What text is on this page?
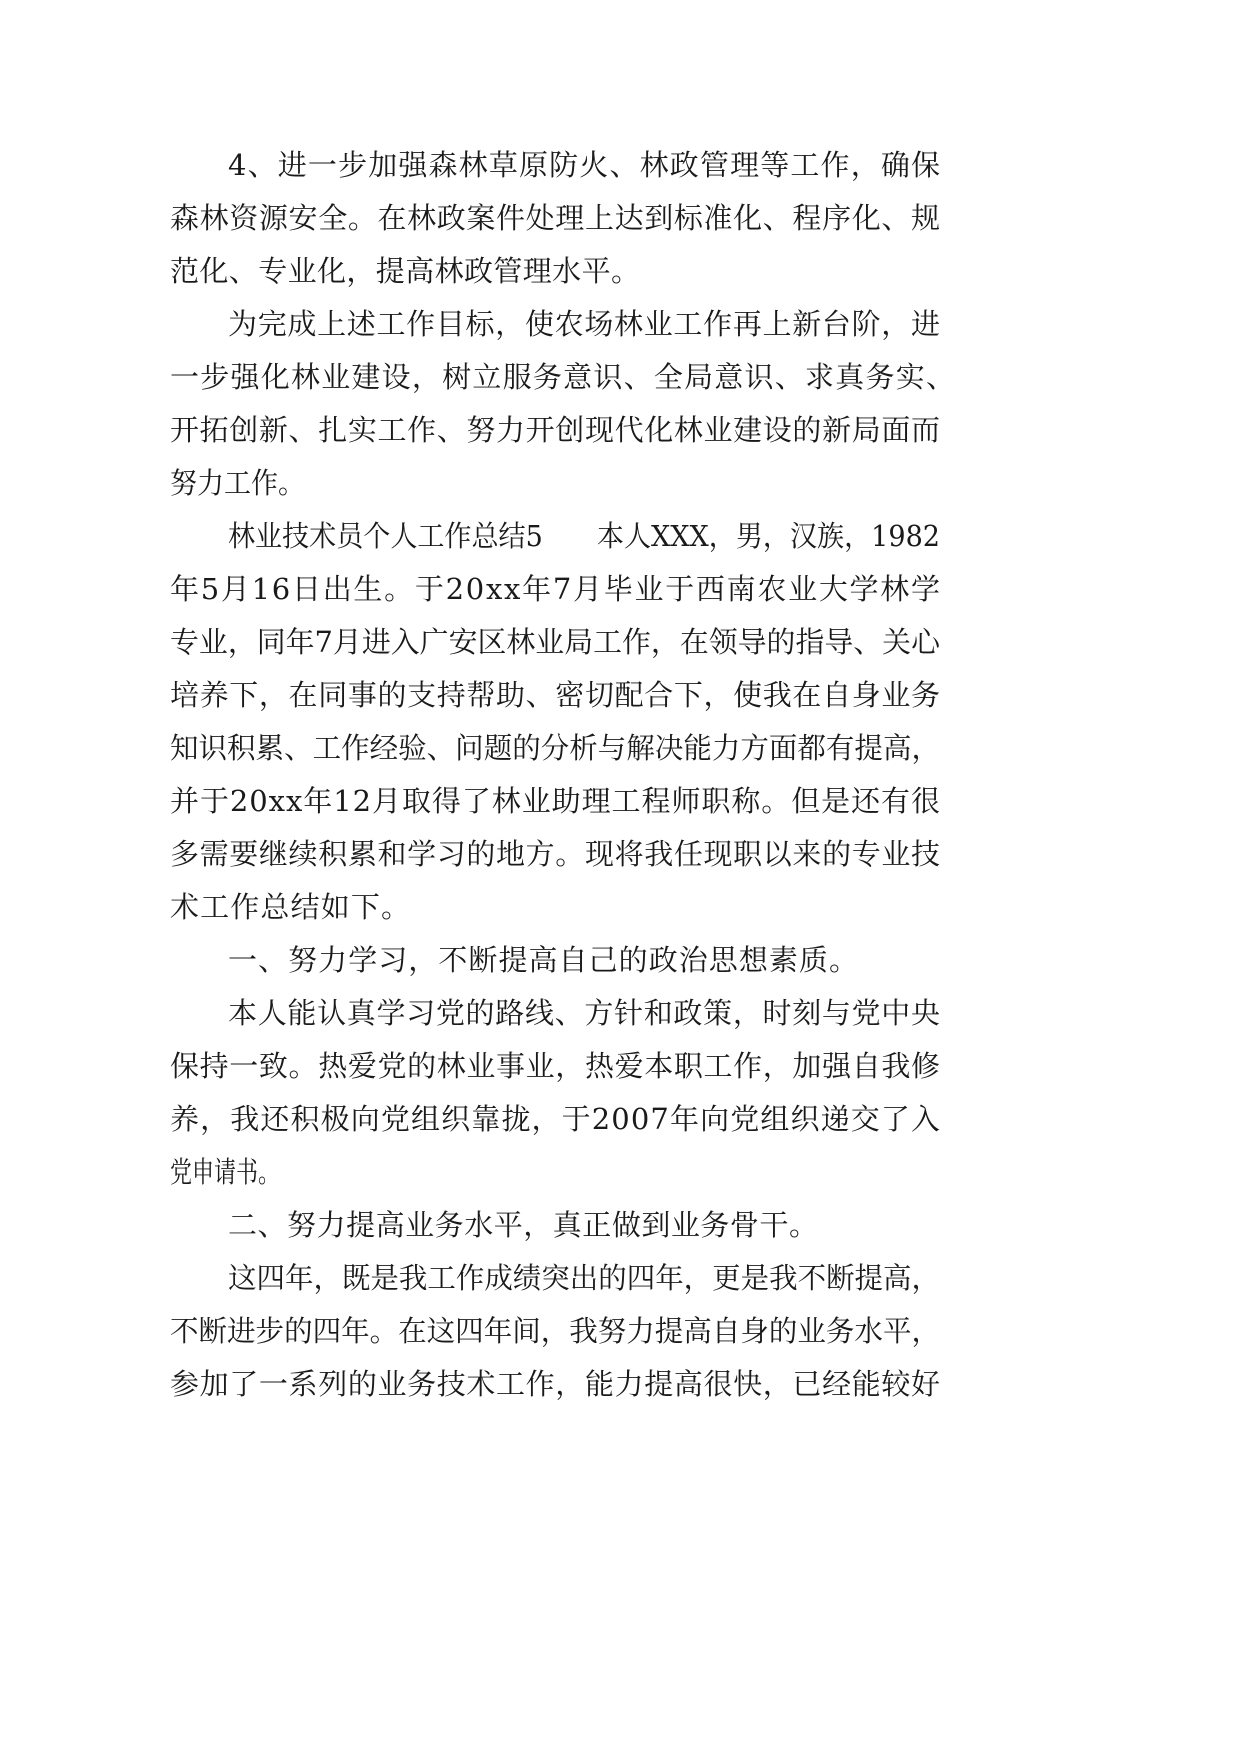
4、进一步加强森林草原防火、林政管理等工作，确保
森林资源安全。在林政案件处理上达到标准化、程序化、规
范化、专业化，提高林政管理水平。
为完成上述工作目标，使农场林业工作再上新台阶，进
一步强化林业建设，树立服务意识、全局意识、求真务实、
开拓创新、扎实工作、努力开创现代化林业建设的新局面而
努力工作。
林业技术员个人工作总结5　　本人XXX，男，汉族，1982
年5月16日出生。于20xx年7月毕业于西南农业大学林学
专业，同年7月进入广安区林业局工作，在领导的指导、关心
培养下，在同事的支持帮助、密切配合下，使我在自身业务
知识积累、工作经验、问题的分析与解决能力方面都有提高，
并于20xx年12月取得了林业助理工程师职称。但是还有很
多需要继续积累和学习的地方。现将我任现职以来的专业技
术工作总结如下。
一、努力学习，不断提高自己的政治思想素质。
本人能认真学习党的路线、方针和政策，时刻与党中央
保持一致。热爱党的林业事业，热爱本职工作，加强自我修
养，我还积极向党组织靠拢，于2007年向党组织递交了入
党申请书。
二、努力提高业务水平，真正做到业务骨干。
这四年，既是我工作成绩突出的四年，更是我不断提高，
不断进步的四年。在这四年间，我努力提高自身的业务水平，
参加了一系列的业务技术工作，能力提高很快，已经能较好
